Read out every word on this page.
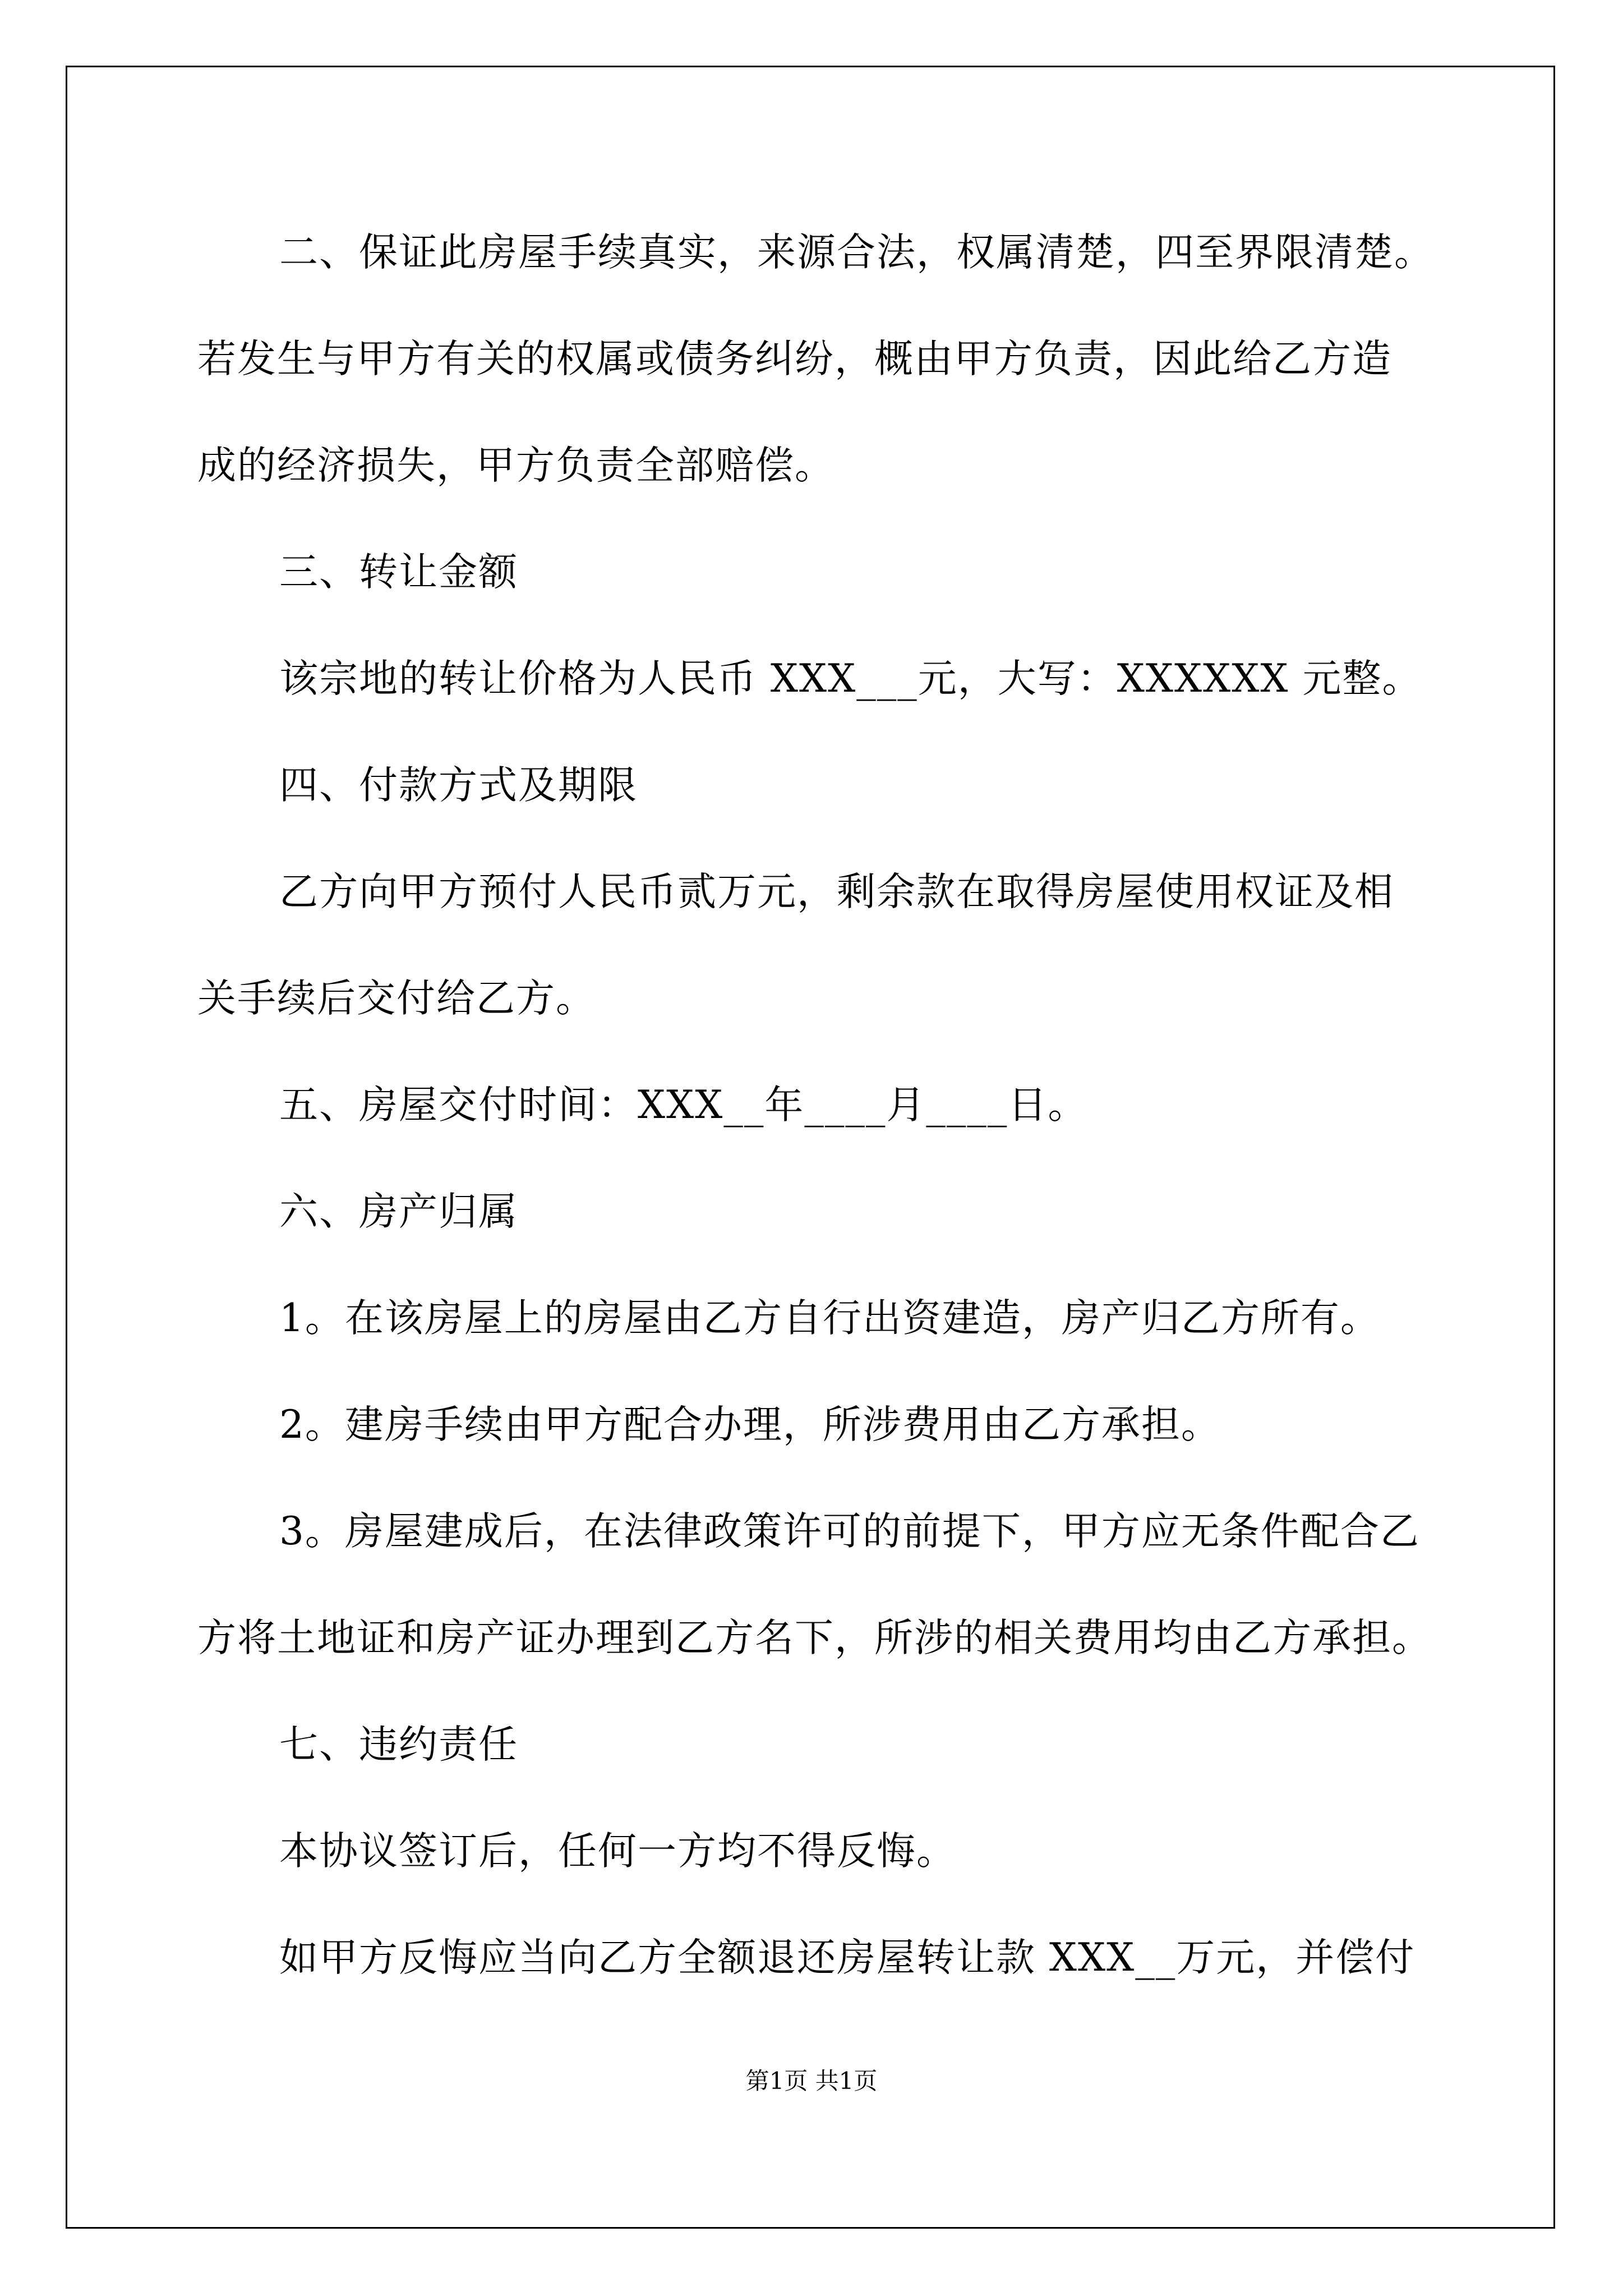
二、保证此房屋手续真实，来源合法，权属清楚，四至界限清楚。
若发生与甲方有关的权属或债务纠纷，概由甲方负责，因此给乙方造
成的经济损失，甲方负责全部赔偿。
三、转让金额
该宗地的转让价格为人民币 XXX___元，大写：XXXXXX 元整。
四、付款方式及期限
乙方向甲方预付人民币贰万元，剩余款在取得房屋使用权证及相
关手续后交付给乙方。
五、房屋交付时间：XXX__年____月____日。
六、房产归属
1。在该房屋上的房屋由乙方自行出资建造，房产归乙方所有。
2。建房手续由甲方配合办理，所涉费用由乙方承担。
3。房屋建成后，在法律政策许可的前提下，甲方应无条件配合乙
方将土地证和房产证办理到乙方名下，所涉的相关费用均由乙方承担。
七、违约责任
本协议签订后，任何一方均不得反悔。
如甲方反悔应当向乙方全额退还房屋转让款 XXX__万元，并偿付
第1页 共1页
